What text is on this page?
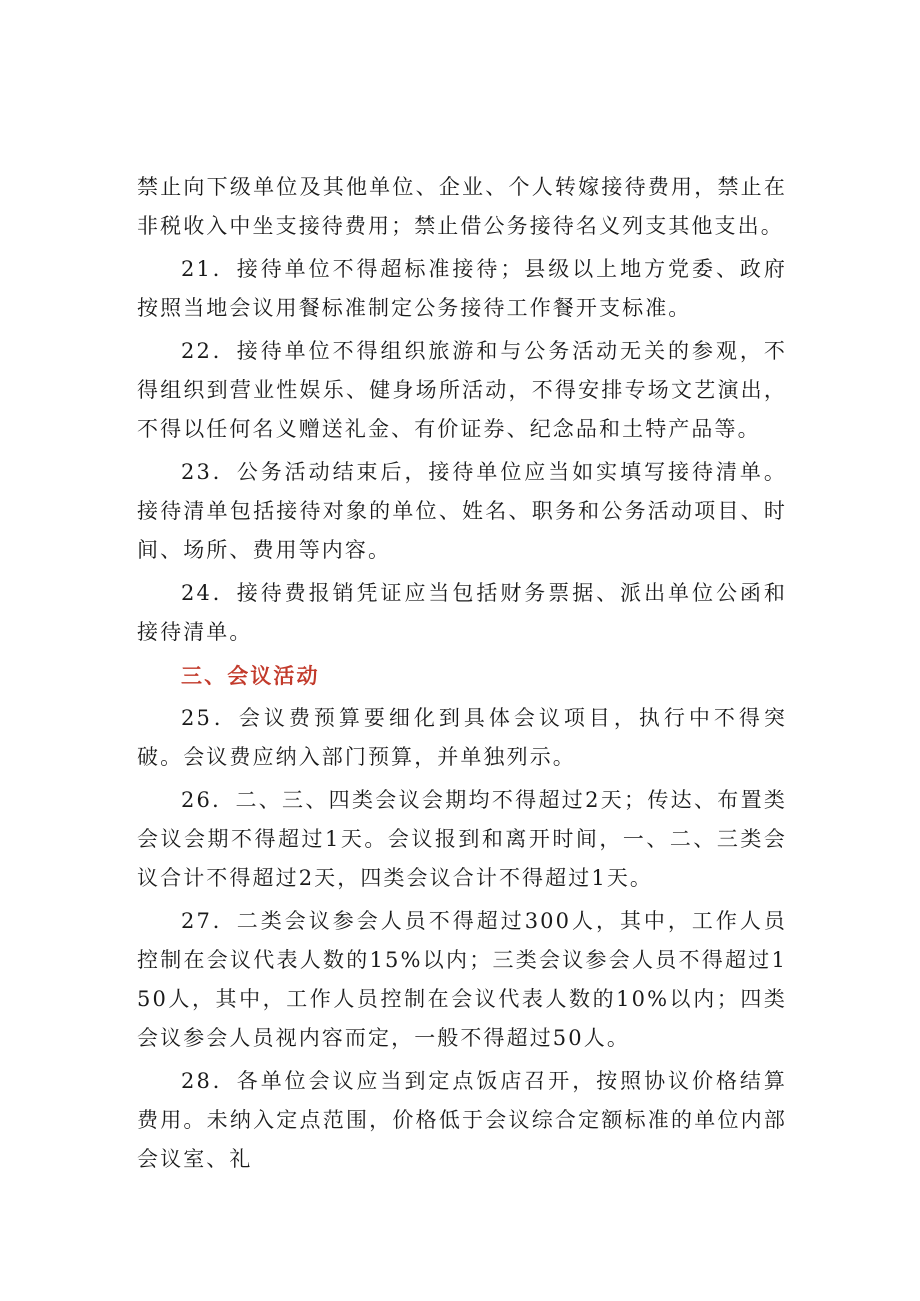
禁止向下级单位及其他单位、企业、个人转嫁接待费用，禁止在非税收入中坐支接待费用；禁止借公务接待名义列支其他支出。

21．接待单位不得超标准接待；县级以上地方党委、政府按照当地会议用餐标准制定公务接待工作餐开支标准。

22．接待单位不得组织旅游和与公务活动无关的参观，不得组织到营业性娱乐、健身场所活动，不得安排专场文艺演出，不得以任何名义赠送礼金、有价证券、纪念品和土特产品等。

23．公务活动结束后，接待单位应当如实填写接待清单。接待清单包括接待对象的单位、姓名、职务和公务活动项目、时间、场所、费用等内容。

24．接待费报销凭证应当包括财务票据、派出单位公函和接待清单。

三、会议活动

25．会议费预算要细化到具体会议项目，执行中不得突破。会议费应纳入部门预算，并单独列示。

26．二、三、四类会议会期均不得超过2天；传达、布置类会议会期不得超过1天。会议报到和离开时间，一、二、三类会议合计不得超过2天，四类会议合计不得超过1天。

27．二类会议参会人员不得超过300人，其中，工作人员控制在会议代表人数的15%以内；三类会议参会人员不得超过150人，其中，工作人员控制在会议代表人数的10%以内；四类会议参会人员视内容而定，一般不得超过50人。

28．各单位会议应当到定点饭店召开，按照协议价格结算费用。未纳入定点范围，价格低于会议综合定额标准的单位内部会议室、礼
